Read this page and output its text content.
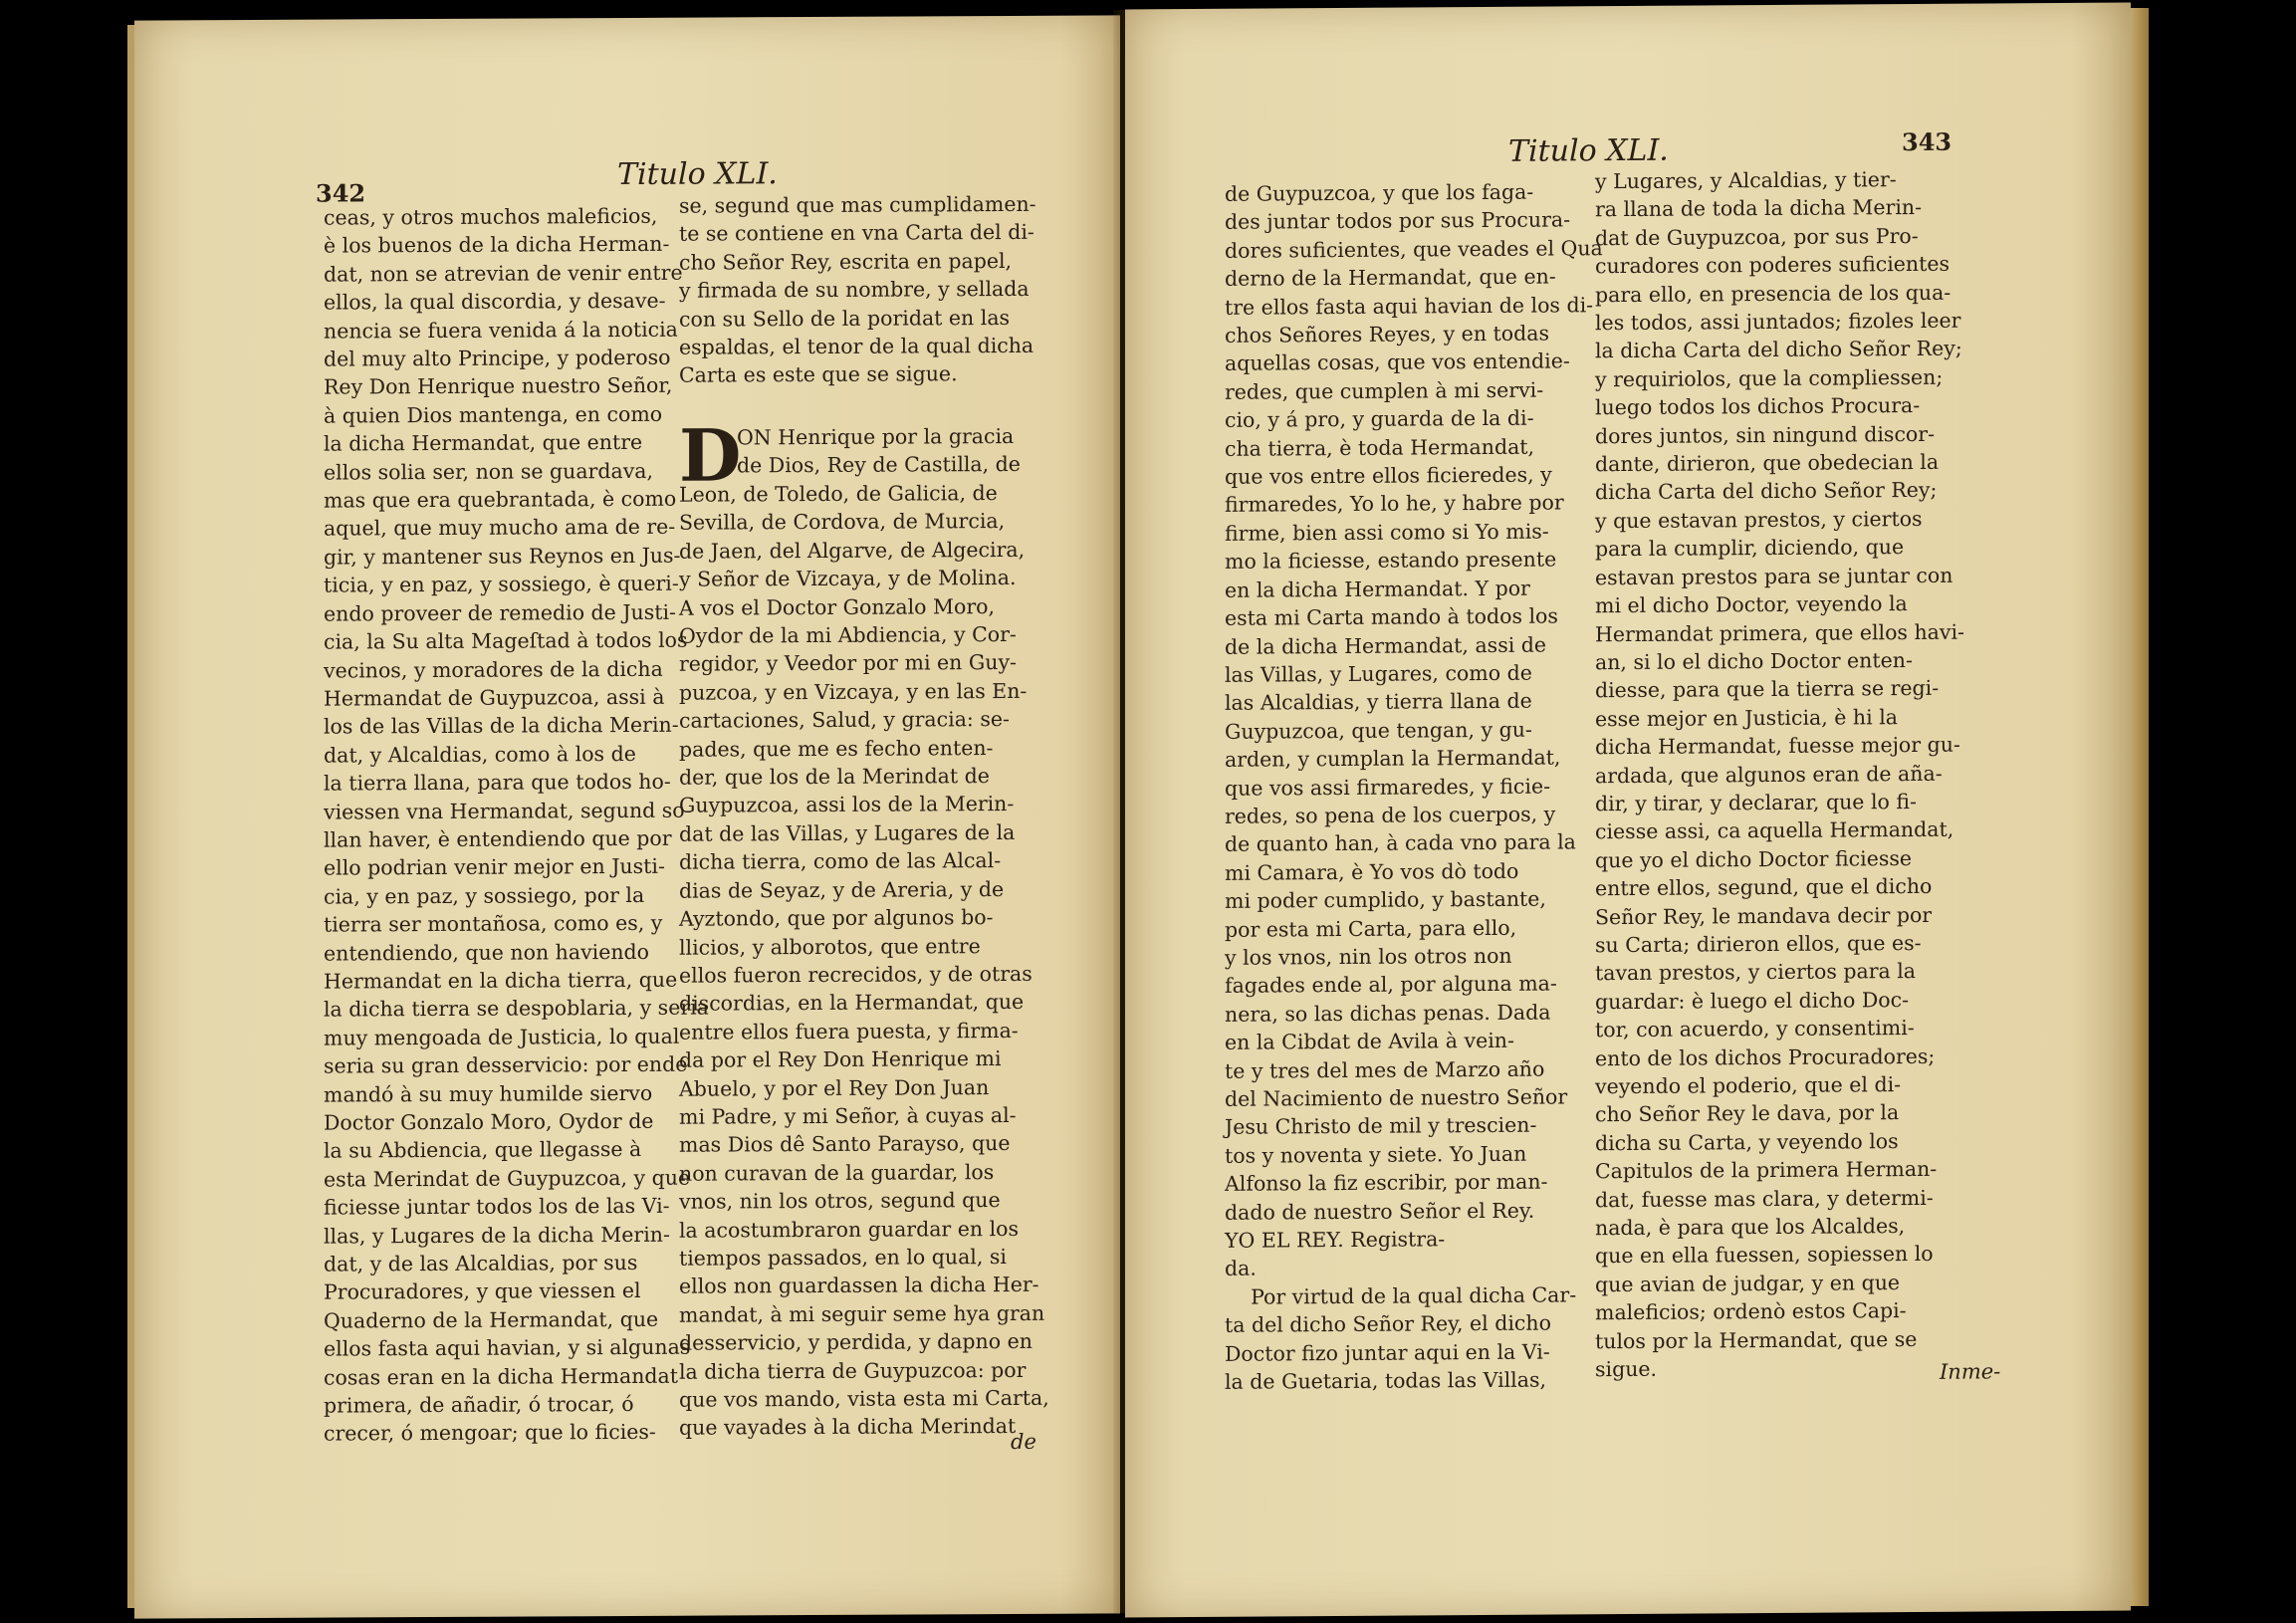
342
Titulo XLI.
ceas, y otros muchos maleficios,
è los buenos de la dicha Herman-
dat, non se atrevian de venir entre
ellos, la qual discordia, y desave-
nencia se fuera venida á la noticia
del muy alto Principe, y poderoso
Rey Don Henrique nuestro Señor,
à quien Dios mantenga, en como
la dicha Hermandat, que entre
ellos solia ser, non se guardava,
mas que era quebrantada, è como
aquel, que muy mucho ama de re-
gir, y mantener sus Reynos en Jus-
ticia, y en paz, y sossiego, è queri-
endo proveer de remedio de Justi-
cia, la Su alta Mageſtad à todos los
vecinos, y moradores de la dicha
Hermandat de Guypuzcoa, assi à
los de las Villas de la dicha Merin-
dat, y Alcaldias, como à los de
la tierra llana, para que todos ho-
viessen vna Hermandat, segund so-
llan haver, è entendiendo que por
ello podrian venir mejor en Justi-
cia, y en paz, y sossiego, por la
tierra ser montañosa, como es, y
entendiendo, que non haviendo
Hermandat en la dicha tierra, que
la dicha tierra se despoblaria, y seria
muy mengoada de Justicia, lo qual
seria su gran desservicio: por ende
mandó à su muy humilde siervo
Doctor Gonzalo Moro, Oydor de
la su Abdiencia, que llegasse à
esta Merindat de Guypuzcoa, y que
ficiesse juntar todos los de las Vi-
llas, y Lugares de la dicha Merin-
dat, y de las Alcaldias, por sus
Procuradores, y que viessen el
Quaderno de la Hermandat, que
ellos fasta aqui havian, y si algunas
cosas eran en la dicha Hermandat
primera, de añadir, ó trocar, ó
crecer, ó mengoar; que lo ficies-
se, segund que mas cumplidamen-
te se contiene en vna Carta del di-
cho Señor Rey, escrita en papel,
y firmada de su nombre, y sellada
con su Sello de la poridat en las
espaldas, el tenor de la qual dicha
Carta es este que se sigue.
D
ON Henrique por la gracia
de Dios, Rey de Castilla, de
Leon, de Toledo, de Galicia, de
Sevilla, de Cordova, de Murcia,
de Jaen, del Algarve, de Algecira,
y Señor de Vizcaya, y de Molina.
A vos el Doctor Gonzalo Moro,
Oydor de la mi Abdiencia, y Cor-
regidor, y Veedor por mi en Guy-
puzcoa, y en Vizcaya, y en las En-
cartaciones, Salud, y gracia: se-
pades, que me es fecho enten-
der, que los de la Merindat de
Guypuzcoa, assi los de la Merin-
dat de las Villas, y Lugares de la
dicha tierra, como de las Alcal-
dias de Seyaz, y de Areria, y de
Ayztondo, que por algunos bo-
llicios, y alborotos, que entre
ellos fueron recrecidos, y de otras
discordias, en la Hermandat, que
entre ellos fuera puesta, y firma-
da por el Rey Don Henrique mi
Abuelo, y por el Rey Don Juan
mi Padre, y mi Señor, à cuyas al-
mas Dios dê Santo Parayso, que
non curavan de la guardar, los
vnos, nin los otros, segund que
la acostumbraron guardar en los
tiempos passados, en lo qual, si
ellos non guardassen la dicha Her-
mandat, à mi seguir seme hya gran
desservicio, y perdida, y dapno en
la dicha tierra de Guypuzcoa: por
que vos mando, vista esta mi Carta,
que vayades à la dicha Merindat
de
Titulo XLI.	343
de Guypuzcoa, y que los faga-
des juntar todos por sus Procura-
dores suficientes, que veades el Qua
derno de la Hermandat, que en-
tre ellos fasta aqui havian de los di-
chos Señores Reyes, y en todas
aquellas cosas, que vos entendie-
redes, que cumplen à mi servi-
cio, y á pro, y guarda de la di-
cha tierra, è toda Hermandat,
que vos entre ellos ficieredes, y
firmaredes, Yo lo he, y habre por
firme, bien assi como si Yo mis-
mo la ficiesse, estando presente
en la dicha Hermandat. Y por
esta mi Carta mando à todos los
de la dicha Hermandat, assi de
las Villas, y Lugares, como de
las Alcaldias, y tierra llana de
Guypuzcoa, que tengan, y gu-
arden, y cumplan la Hermandat,
que vos assi firmaredes, y ficie-
redes, so pena de los cuerpos, y
de quanto han, à cada vno para la
mi Camara, è Yo vos dò todo
mi poder cumplido, y bastante,
por esta mi Carta, para ello,
y los vnos, nin los otros non
fagades ende al, por alguna ma-
nera, so las dichas penas. Dada
en la Cibdat de Avila à vein-
te y tres del mes de Marzo año
del Nacimiento de nuestro Señor
Jesu Christo de mil y trescien-
tos y noventa y siete. Yo Juan
Alfonso la fiz escribir, por man-
dado de nuestro Señor el Rey.
YO EL REY. Registra-
da.
Por virtud de la qual dicha Car-
ta del dicho Señor Rey, el dicho
Doctor fizo juntar aqui en la Vi-
la de Guetaria, todas las Villas,
y Lugares, y Alcaldias, y tier-
ra llana de toda la dicha Merin-
dat de Guypuzcoa, por sus Pro-
curadores con poderes suficientes
para ello, en presencia de los qua-
les todos, assi juntados; fizoles leer
la dicha Carta del dicho Señor Rey;
y requiriolos, que la compliessen;
luego todos los dichos Procura-
dores juntos, sin ningund discor-
dante, dirieron, que obedecian la
dicha Carta del dicho Señor Rey;
y que estavan prestos, y ciertos
para la cumplir, diciendo, que
estavan prestos para se juntar con
mi el dicho Doctor, veyendo la
Hermandat primera, que ellos havi-
an, si lo el dicho Doctor enten-
diesse, para que la tierra se regi-
esse mejor en Justicia, è hi la
dicha Hermandat, fuesse mejor gu-
ardada, que algunos eran de aña-
dir, y tirar, y declarar, que lo fi-
ciesse assi, ca aquella Hermandat,
que yo el dicho Doctor ficiesse
entre ellos, segund, que el dicho
Señor Rey, le mandava decir por
su Carta; dirieron ellos, que es-
tavan prestos, y ciertos para la
guardar: è luego el dicho Doc-
tor, con acuerdo, y consentimi-
ento de los dichos Procuradores;
veyendo el poderio, que el di-
cho Señor Rey le dava, por la
dicha su Carta, y veyendo los
Capitulos de la primera Herman-
dat, fuesse mas clara, y determi-
nada, è para que los Alcaldes,
que en ella fuessen, sopiessen lo
que avian de judgar, y en que
maleficios; ordenò estos Capi-
tulos por la Hermandat, que se
sigue.	Inme-
